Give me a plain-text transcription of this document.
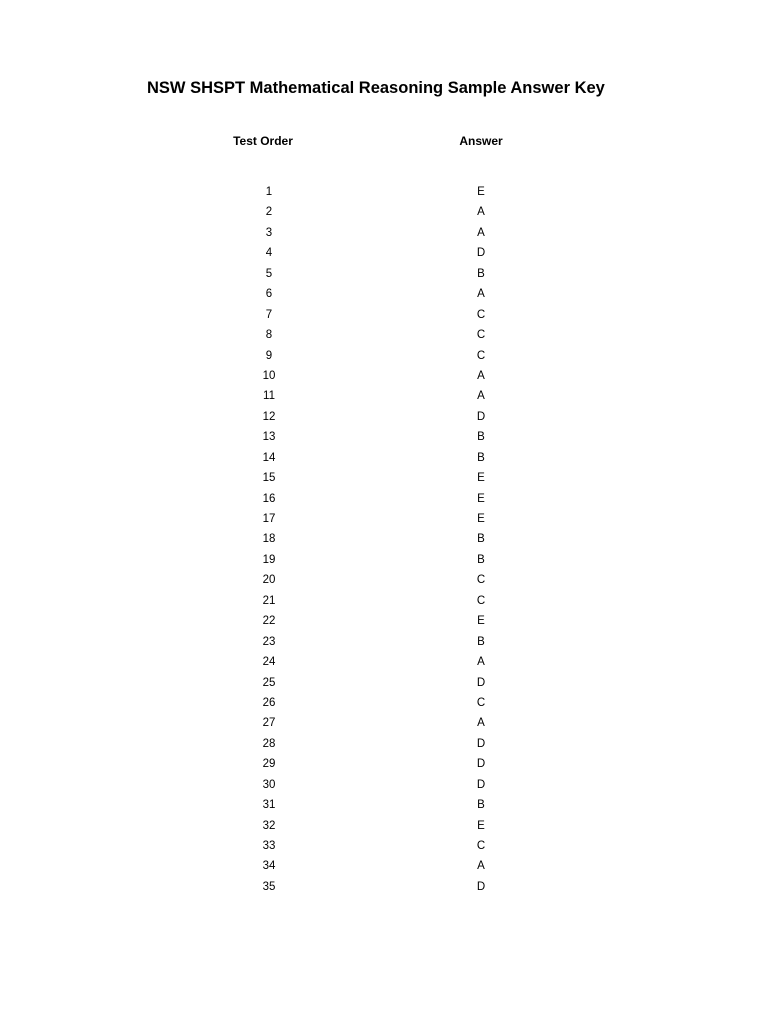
NSW SHSPT Mathematical Reasoning Sample Answer Key
Test Order	Answer
1	E
2	A
3	A
4	D
5	B
6	A
7	C
8	C
9	C
10	A
11	A
12	D
13	B
14	B
15	E
16	E
17	E
18	B
19	B
20	C
21	C
22	E
23	B
24	A
25	D
26	C
27	A
28	D
29	D
30	D
31	B
32	E
33	C
34	A
35	D
